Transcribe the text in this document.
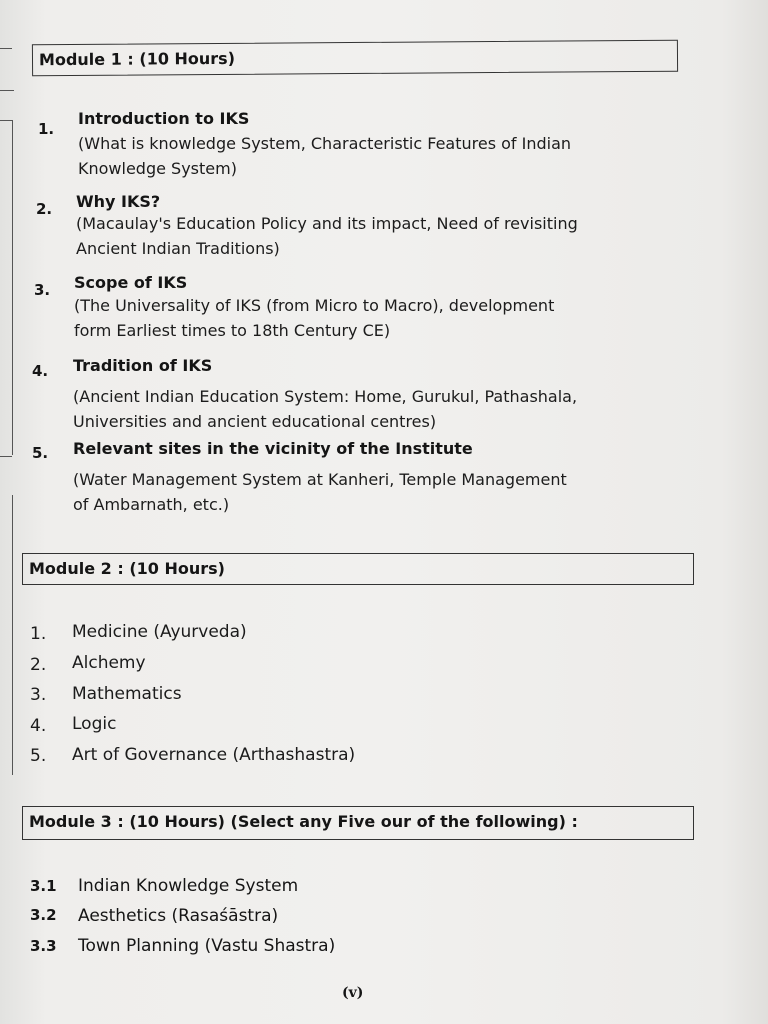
Module 1 : (10 Hours)
1.
Introduction to IKS
(What is knowledge System, Characteristic Features of Indian
Knowledge System)
2. Why IKS?
(Macaulay's Education Policy and its impact, Need of revisiting
Ancient Indian Traditions)
3. Scope of IKS
(The Universality of IKS (from Micro to Macro), development
form Earliest times to 18th Century CE)
4. Tradition of IKS
(Ancient Indian Education System: Home, Gurukul, Pathashala,
Universities and ancient educational centres)
5. Relevant sites in the vicinity of the Institute
(Water Management System at Kanheri, Temple Management
of Ambarnath, etc.)
Module 2 : (10 Hours)
1. Medicine (Ayurveda)
2. Alchemy
3. Mathematics
4. Logic
5. Art of Governance (Arthashastra)
Module 3 : (10 Hours) (Select any Five our of the following) :
3.1 Indian Knowledge System
3.2 Aesthetics (Rasaśāstra)
3.3 Town Planning (Vastu Shastra)
(v)
